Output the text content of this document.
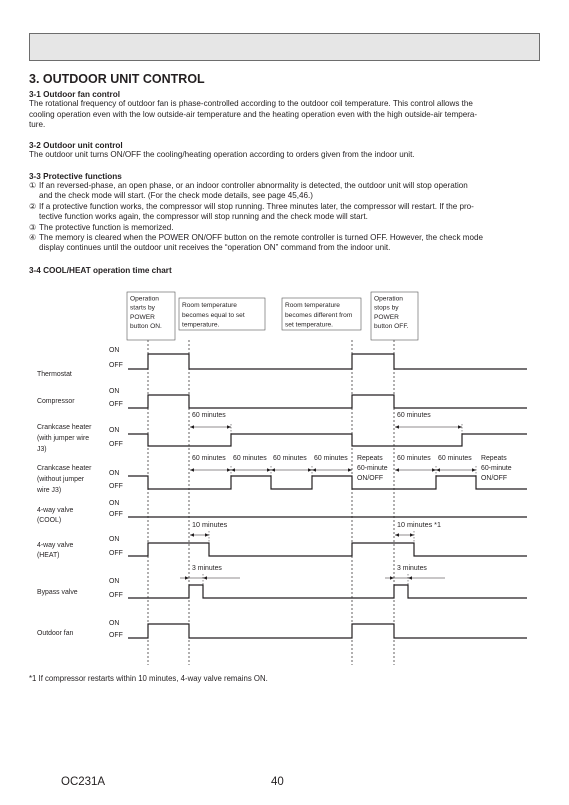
3. OUTDOOR UNIT CONTROL
3-1 Outdoor fan control
The rotational frequency of outdoor fan is phase-controlled according to the outdoor coil temperature. This control allows the
cooling operation even with the low outside-air temperature and the heating operation even with the high outside-air tempera-
ture.
3-2 Outdoor unit control
The outdoor unit turns ON/OFF the cooling/heating operation according to orders given from the indoor unit.
3-3 Protective functions
① If an reversed-phase, an open phase, or an indoor controller abnormality is detected, the outdoor unit will stop operation
and the check mode will start. (For the check mode details, see page 45,46.)
② If a protective function works, the compressor will stop running. Three minutes later, the compressor will restart. If the pro-
tective function works again, the compressor will stop running and the check mode will start.
③ The protective function is memorized.
④ The memory is cleared when the POWER ON/OFF button on the remote controller is turned OFF. However, the check mode
display continues until the outdoor unit receives the “operation ON” command from the indoor unit.
3-4 COOL/HEAT operation time chart
Operation
starts by
POWER
button ON.
Room temperature
becomes equal to set
temperature.
Room temperature
becomes different from
set temperature.
Operation
stops by
POWER
button OFF.
Thermostat
ON
OFF
Compressor
ON
OFF
Crankcase heater
(with jumper wire
J3)
ON
OFF
Crankcase heater
(without jumper
wire J3)
ON
OFF
4-way valve
(COOL)
ON
OFF
4-way valve
(HEAT)
ON
OFF
Bypass valve
ON
OFF
Outdoor fan
ON
OFF
60 minutes	60 minutes
60 minutes 60 minutes 60 minutes 60 minutes	60 minutes 60 minutes
Repeats
60-minute
ON/OFF
Repeats
60-minute
ON/OFF
10 minutes	10 minutes *1
3 minutes	3 minutes

*1 If compressor restarts within 10 minutes, 4-way valve remains ON.

OC231A	40
